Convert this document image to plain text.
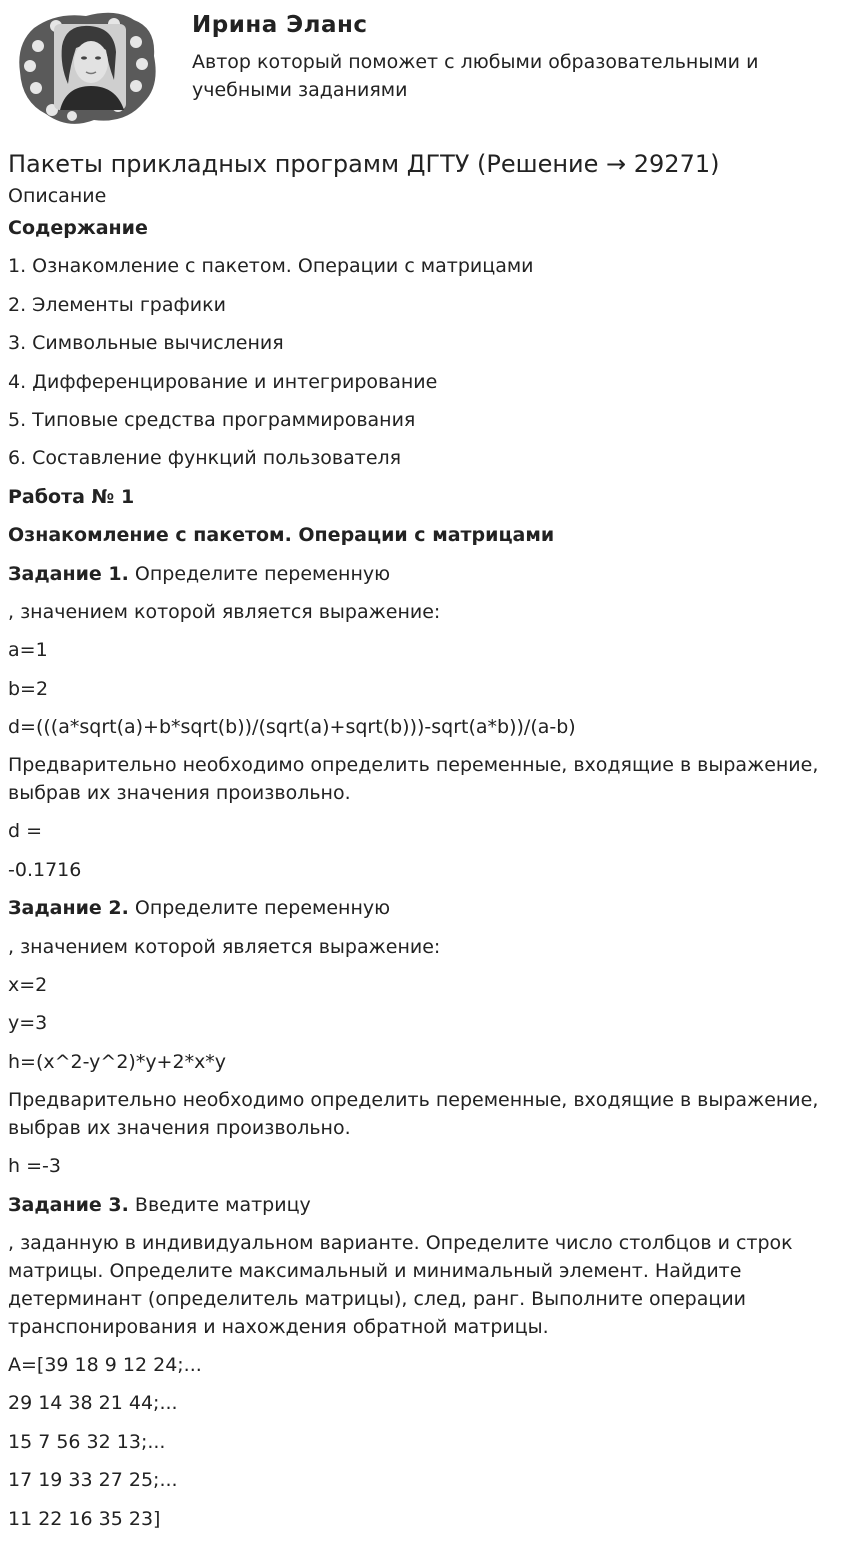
Ирина Эланс

Автор который поможет с любыми образовательными и учебными заданиями

Пакеты прикладных программ ДГТУ (Решение → 29271)

Описание

Содержание

1. Ознакомление с пакетом. Операции с матрицами

2. Элементы графики

3. Символьные вычисления

4. Дифференцирование и интегрирование

5. Типовые средства программирования

6. Составление функций пользователя

Работа № 1

Ознакомление с пакетом. Операции с матрицами

Задание 1. Определите переменную

, значением которой является выражение:

a=1

b=2

d=(((a*sqrt(a)+b*sqrt(b))/(sqrt(a)+sqrt(b)))-sqrt(a*b))/(a-b)

Предварительно необходимо определить переменные, входящие в выражение, выбрав их значения произвольно.

d =

-0.1716

Задание 2. Определите переменную

, значением которой является выражение:

x=2

y=3

h=(x^2-y^2)*y+2*x*y

Предварительно необходимо определить переменные, входящие в выражение, выбрав их значения произвольно.

h =-3

Задание 3. Введите матрицу

, заданную в индивидуальном варианте. Определите число столбцов и строк матрицы. Определите максимальный и минимальный элемент. Найдите детерминант (определитель матрицы), след, ранг. Выполните операции транспонирования и нахождения обратной матрицы.

A=[39 18 9 12 24;...

29 14 38 21 44;...

15 7 56 32 13;...

17 19 33 27 25;...

11 22 16 35 23]
